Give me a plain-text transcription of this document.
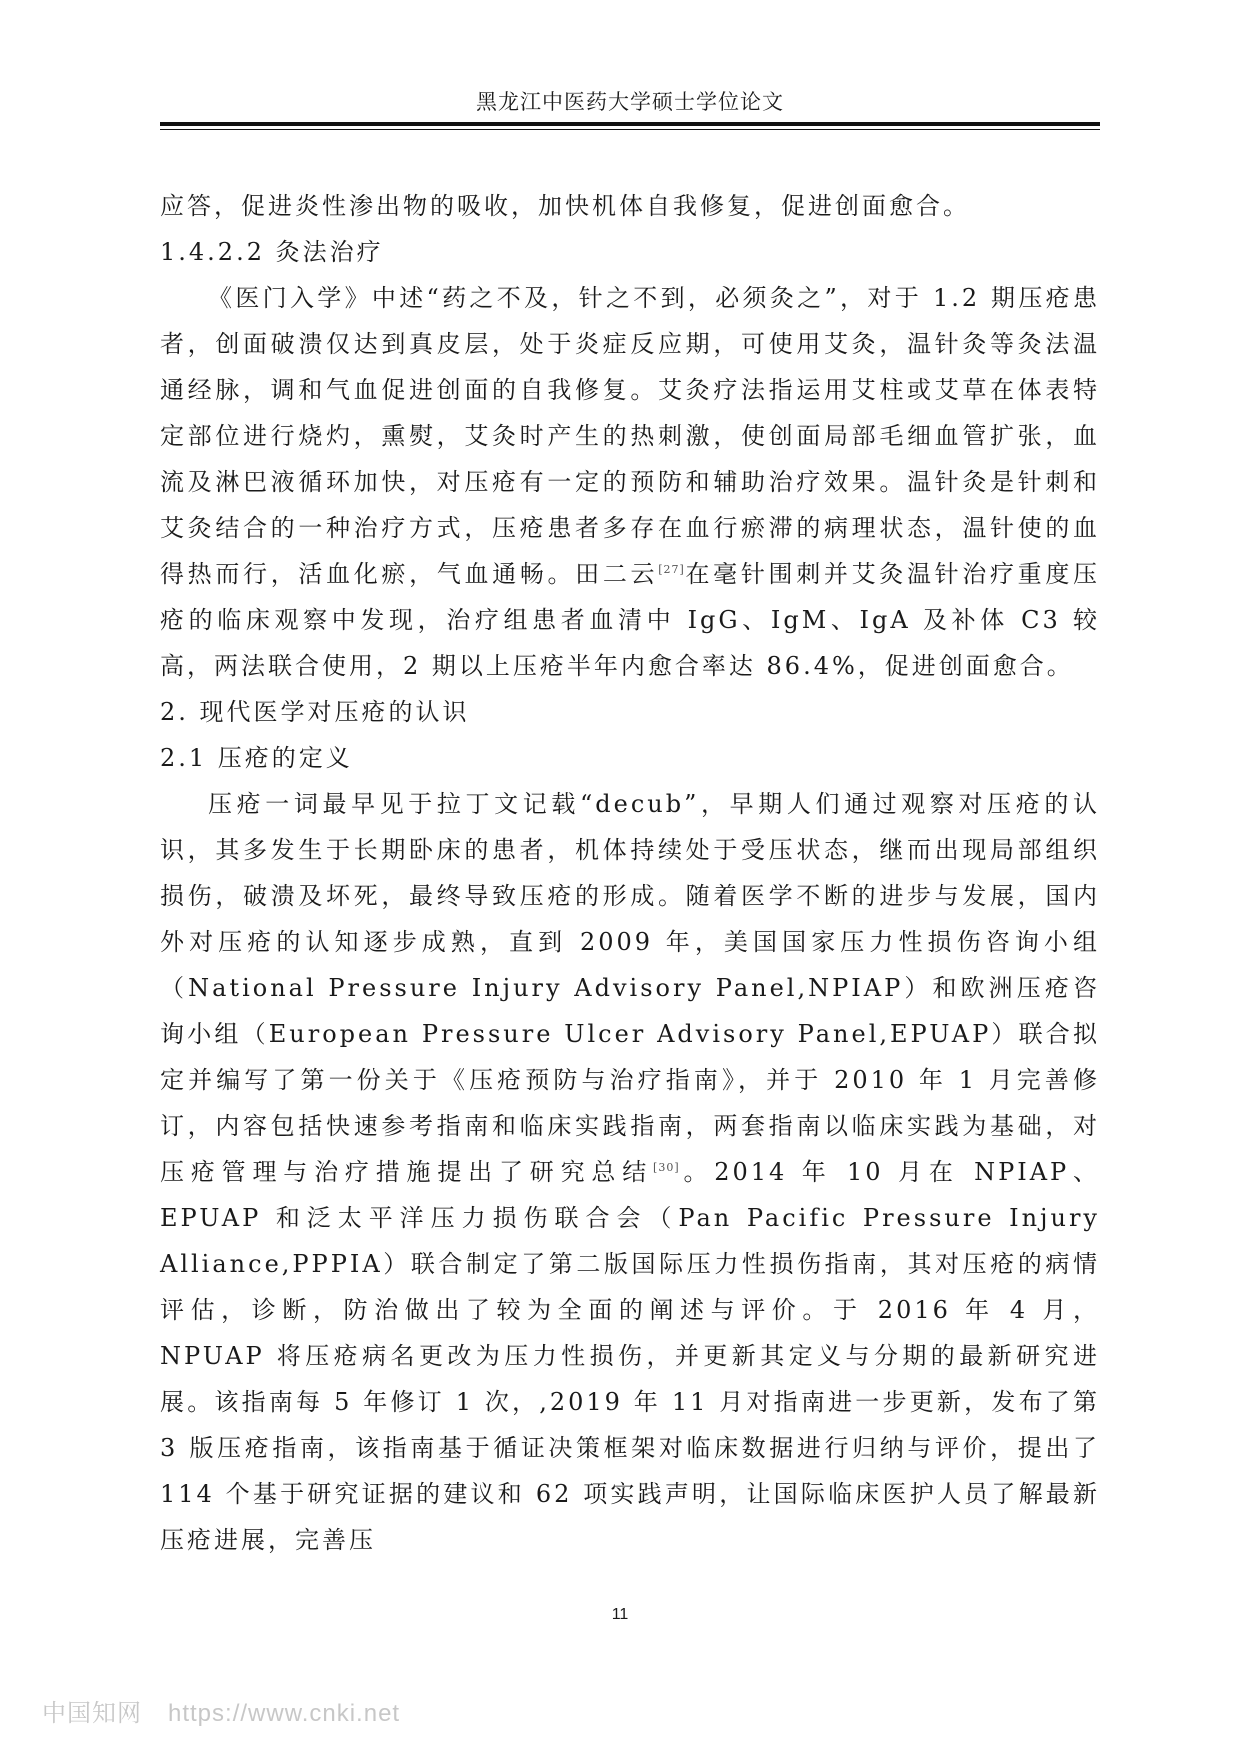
黑龙江中医药大学硕士学位论文

应答，促进炎性渗出物的吸收，加快机体自我修复，促进创面愈合。

1.4.2.2 灸法治疗

《医门入学》中述“药之不及，针之不到，必须灸之”，对于 1.2 期压疮患者，创面破溃仅达到真皮层，处于炎症反应期，可使用艾灸，温针灸等灸法温通经脉，调和气血促进创面的自我修复。艾灸疗法指运用艾柱或艾草在体表特定部位进行烧灼，熏熨，艾灸时产生的热刺激，使创面局部毛细血管扩张，血流及淋巴液循环加快，对压疮有一定的预防和辅助治疗效果。温针灸是针刺和艾灸结合的一种治疗方式，压疮患者多存在血行瘀滞的病理状态，温针使的血得热而行，活血化瘀，气血通畅。田二云[27]在毫针围刺并艾灸温针治疗重度压疮的临床观察中发现，治疗组患者血清中 IgG、IgM、IgA 及补体 C3 较高，两法联合使用，2 期以上压疮半年内愈合率达 86.4%，促进创面愈合。

2. 现代医学对压疮的认识

2.1 压疮的定义

压疮一词最早见于拉丁文记载“decub”，早期人们通过观察对压疮的认识，其多发生于长期卧床的患者，机体持续处于受压状态，继而出现局部组织损伤，破溃及坏死，最终导致压疮的形成。随着医学不断的进步与发展，国内外对压疮的认知逐步成熟，直到 2009 年，美国国家压力性损伤咨询小组（National Pressure Injury Advisory Panel,NPIAP）和欧洲压疮咨询小组（European Pressure Ulcer Advisory Panel,EPUAP）联合拟定并编写了第一份关于《压疮预防与治疗指南》，并于 2010 年 1 月完善修订，内容包括快速参考指南和临床实践指南，两套指南以临床实践为基础，对压疮管理与治疗措施提出了研究总结[30]。2014 年 10 月在 NPIAP、EPUAP 和泛太平洋压力损伤联合会（Pan Pacific Pressure Injury Alliance,PPPIA）联合制定了第二版国际压力性损伤指南，其对压疮的病情评估，诊断，防治做出了较为全面的阐述与评价。于 2016 年 4 月，NPUAP 将压疮病名更改为压力性损伤，并更新其定义与分期的最新研究进展。该指南每 5 年修订 1 次，,2019 年 11 月对指南进一步更新，发布了第 3 版压疮指南，该指南基于循证决策框架对临床数据进行归纳与评价，提出了 114 个基于研究证据的建议和 62 项实践声明，让国际临床医护人员了解最新压疮进展，完善压

11
中国知网 https://www.cnki.net
